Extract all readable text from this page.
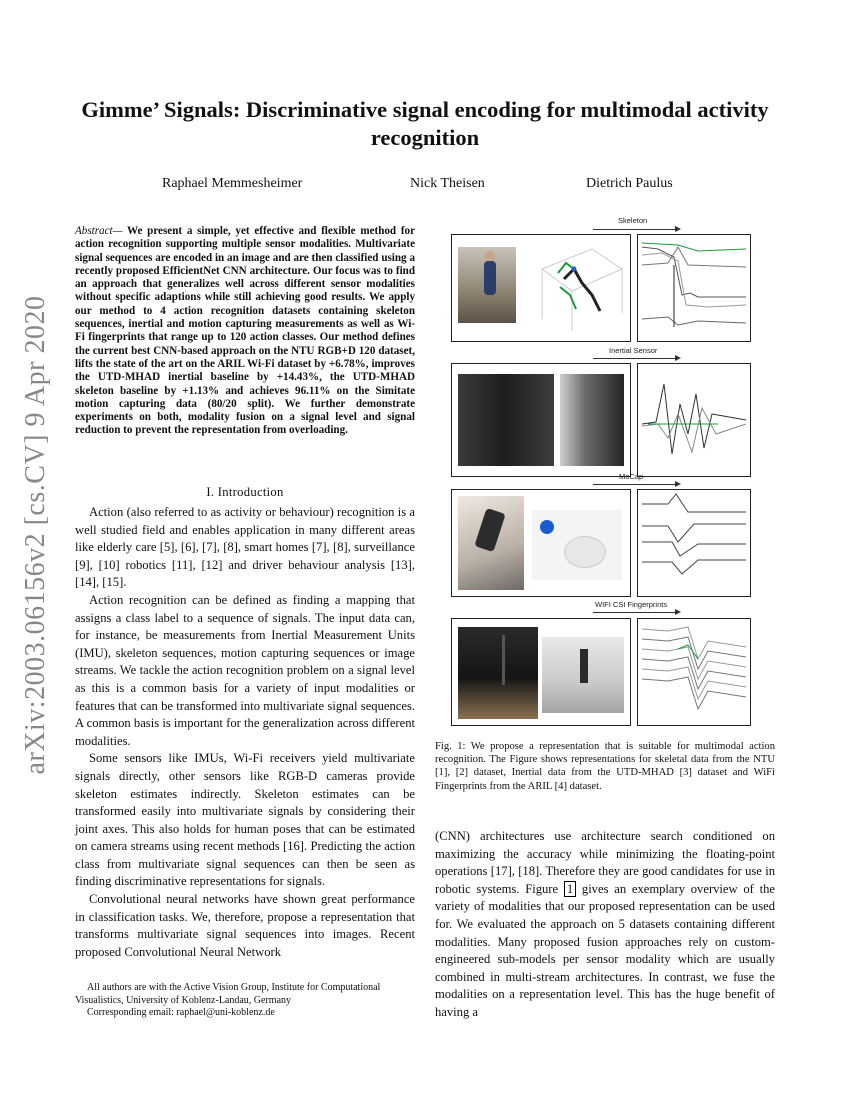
arXiv:2003.06156v2 [cs.CV] 9 Apr 2020
Gimme’ Signals: Discriminative signal encoding for multimodal activity recognition
Raphael Memmesheimer	Nick Theisen	Dietrich Paulus
Abstract— We present a simple, yet effective and flexible method for action recognition supporting multiple sensor modalities. Multivariate signal sequences are encoded in an image and are then classified using a recently proposed EfficientNet CNN architecture. Our focus was to find an approach that generalizes well across different sensor modalities without specific adaptions while still achieving good results. We apply our method to 4 action recognition datasets containing skeleton sequences, inertial and motion capturing measurements as well as Wi-Fi fingerprints that range up to 120 action classes. Our method defines the current best CNN-based approach on the NTU RGB+D 120 dataset, lifts the state of the art on the ARIL Wi-Fi dataset by +6.78%, improves the UTD-MHAD inertial baseline by +14.43%, the UTD-MHAD skeleton baseline by +1.13% and achieves 96.11% on the Simitate motion capturing data (80/20 split). We further demonstrate experiments on both, modality fusion on a signal level and signal reduction to prevent the representation from overloading.
I. Introduction

Action (also referred to as activity or behaviour) recognition is a well studied field and enables application in many different areas like elderly care [5], [6], [7], [8], smart homes [7], [8], surveillance [9], [10] robotics [11], [12] and driver behaviour analysis [13], [14], [15].

Action recognition can be defined as finding a mapping that assigns a class label to a sequence of signals. The input data can, for instance, be measurements from Inertial Measurement Units (IMU), skeleton sequences, motion capturing sequences or image streams. We tackle the action recognition problem on a signal level as this is a common basis for a variety of input modalities or features that can be transformed into multivariate signal sequences. A common basis is important for the generalization across different modalities.

Some sensors like IMUs, Wi-Fi receivers yield multivariate signals directly, other sensors like RGB-D cameras provide skeleton estimates indirectly. Skeleton estimates can be transformed easily into multivariate signals by considering their joint axes. This also holds for human poses that can be estimated on camera streams using recent methods [16]. Predicting the action class from multivariate signal sequences can then be seen as finding discriminative representations for signals.

Convolutional neural networks have shown great performance in classification tasks. We, therefore, propose a representation that transforms multivariate signal sequences into images. Recent proposed Convolutional Neural Network

All authors are with the Active Vision Group, Institute for Computational Visualistics, University of Koblenz-Landau, Germany

Corresponding email: raphael@uni-koblenz.de

Skeleton
Inertial Sensor
MoCap
WIFI CSI Fingerprints
Fig. 1: We propose a representation that is suitable for multimodal action recognition. The Figure shows representations for skeletal data from the NTU [1], [2] dataset, Inertial data from the UTD-MHAD [3] dataset and WiFi Fingerprints from the ARIL [4] dataset.
(CNN) architectures use architecture search conditioned on maximizing the accuracy while minimizing the floating-point operations [17], [18]. Therefore they are good candidates for use in robotic systems. Figure 1 gives an exemplary overview of the variety of modalities that our proposed representation can be used for. We evaluated the approach on 5 datasets containing different modalities. Many proposed fusion approaches rely on custom-engineered sub-models per sensor modality which are usually combined in multi-stream architectures. In contrast, we fuse the modalities on a representation level. This has the huge benefit of having a
